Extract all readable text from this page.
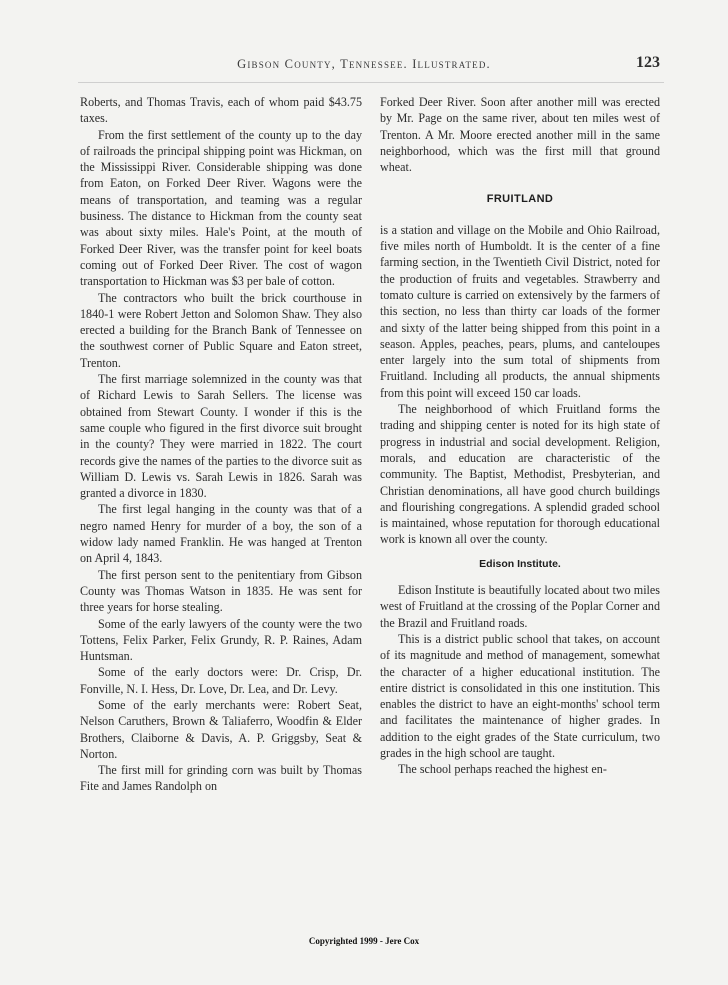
Gibson County, Tennessee. Illustrated.	123

Roberts, and Thomas Travis, each of whom paid $43.75 taxes.

From the first settlement of the county up to the day of railroads the principal shipping point was Hickman, on the Mississippi River. Considerable shipping was done from Eaton, on Forked Deer River. Wagons were the means of transportation, and teaming was a regular business. The distance to Hickman from the county seat was about sixty miles. Hale's Point, at the mouth of Forked Deer River, was the transfer point for keel boats coming out of Forked Deer River. The cost of wagon transportation to Hickman was $3 per bale of cotton.

The contractors who built the brick courthouse in 1840-1 were Robert Jetton and Solomon Shaw. They also erected a building for the Branch Bank of Tennessee on the southwest corner of Public Square and Eaton street, Trenton.

The first marriage solemnized in the county was that of Richard Lewis to Sarah Sellers. The license was obtained from Stewart County. I wonder if this is the same couple who figured in the first divorce suit brought in the county? They were married in 1822. The court records give the names of the parties to the divorce suit as William D. Lewis vs. Sarah Lewis in 1826. Sarah was granted a divorce in 1830.

The first legal hanging in the county was that of a negro named Henry for murder of a boy, the son of a widow lady named Franklin. He was hanged at Trenton on April 4, 1843.

The first person sent to the penitentiary from Gibson County was Thomas Watson in 1835. He was sent for three years for horse stealing.

Some of the early lawyers of the county were the two Tottens, Felix Parker, Felix Grundy, R. P. Raines, Adam Huntsman.

Some of the early doctors were: Dr. Crisp, Dr. Fonville, N. I. Hess, Dr. Love, Dr. Lea, and Dr. Levy.

Some of the early merchants were: Robert Seat, Nelson Caruthers, Brown & Taliaferro, Woodfin & Elder Brothers, Claiborne & Davis, A. P. Griggsby, Seat & Norton.

The first mill for grinding corn was built by Thomas Fite and James Randolph on

Forked Deer River. Soon after another mill was erected by Mr. Page on the same river, about ten miles west of Trenton. A Mr. Moore erected another mill in the same neighborhood, which was the first mill that ground wheat.

FRUITLAND

is a station and village on the Mobile and Ohio Railroad, five miles north of Humboldt. It is the center of a fine farming section, in the Twentieth Civil District, noted for the production of fruits and vegetables. Strawberry and tomato culture is carried on extensively by the farmers of this section, no less than thirty car loads of the former and sixty of the latter being shipped from this point in a season. Apples, peaches, pears, plums, and canteloupes enter largely into the sum total of shipments from Fruitland. Including all products, the annual shipments from this point will exceed 150 car loads.

The neighborhood of which Fruitland forms the trading and shipping center is noted for its high state of progress in industrial and social development. Religion, morals, and education are characteristic of the community. The Baptist, Methodist, Presbyterian, and Christian denominations, all have good church buildings and flourishing congregations. A splendid graded school is maintained, whose reputation for thorough educational work is known all over the county.

Edison Institute.

Edison Institute is beautifully located about two miles west of Fruitland at the crossing of the Poplar Corner and the Brazil and Fruitland roads.

This is a district public school that takes, on account of its magnitude and method of management, somewhat the character of a higher educational institution. The entire district is consolidated in this one institution. This enables the district to have an eight-months' school term and facilitates the maintenance of higher grades. In addition to the eight grades of the State curriculum, two grades in the high school are taught.

The school perhaps reached the highest en-

Copyrighted 1999 - Jere Cox
